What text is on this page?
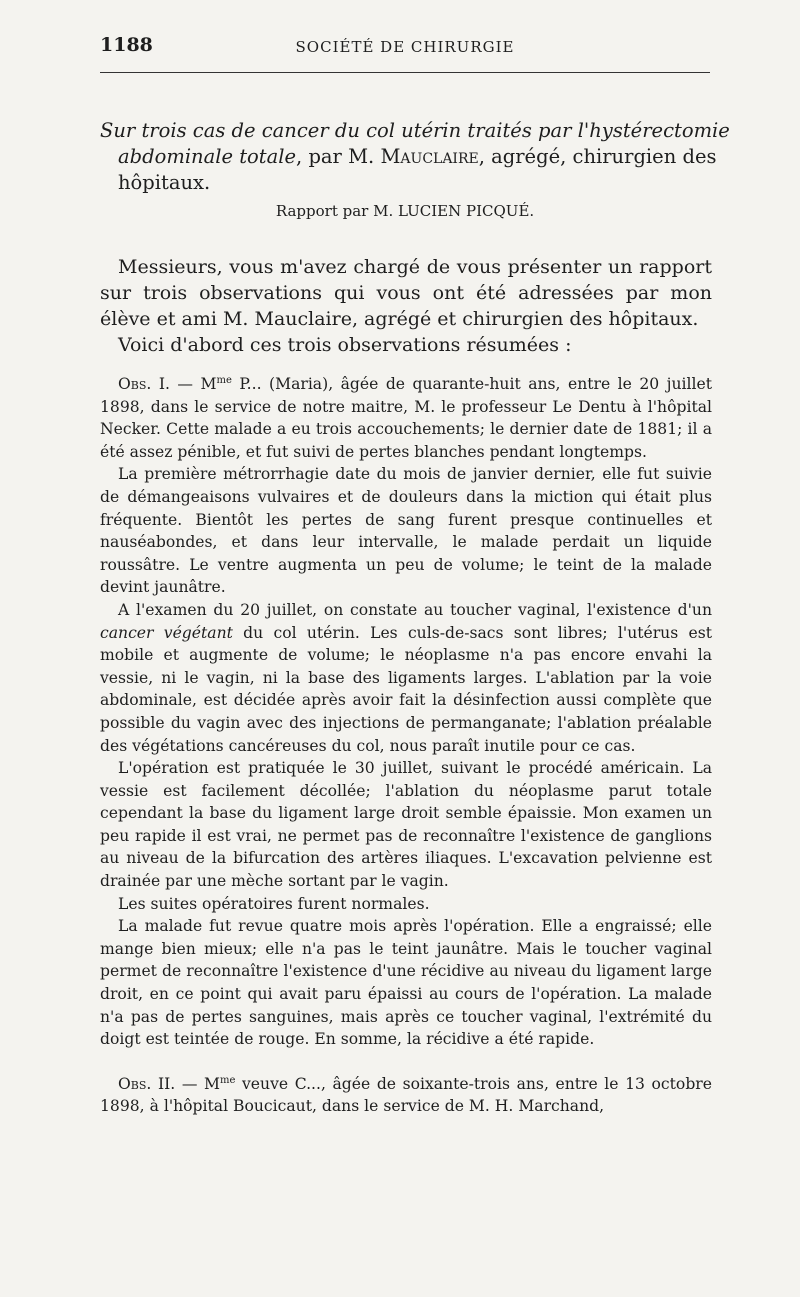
1188	SOCIÉTÉ DE CHIRURGIE
Sur trois cas de cancer du col utérin traités par l'hystérectomie
abdominale totale, par M. Mauclaire, agrégé, chirurgien des
hôpitaux.
Rapport par M. LUCIEN PICQUÉ.

Messieurs, vous m'avez chargé de vous présenter un rapport sur trois observations qui vous ont été adressées par mon élève et ami M. Mauclaire, agrégé et chirurgien des hôpitaux.

Voici d'abord ces trois observations résumées :

Obs. I. — $M^{me}$ P... (Maria), âgée de quarante-huit ans, entre le 20 juillet 1898, dans le service de notre maitre, M. le professeur Le Dentu à l'hôpital Necker. Cette malade a eu trois accouchements; le dernier date de 1881; il a été assez pénible, et fut suivi de pertes blanches pendant longtemps.

La première métrorrhagie date du mois de janvier dernier, elle fut suivie de démangeaisons vulvaires et de douleurs dans la miction qui était plus fréquente. Bientôt les pertes de sang furent presque continuelles et nauséabondes, et dans leur intervalle, le malade perdait un liquide roussâtre. Le ventre augmenta un peu de volume; le teint de la malade devint jaunâtre.

A l'examen du 20 juillet, on constate au toucher vaginal, l'existence d'un cancer végétant du col utérin. Les culs-de-sacs sont libres; l'utérus est mobile et augmente de volume; le néoplasme n'a pas encore envahi la vessie, ni le vagin, ni la base des ligaments larges. L'ablation par la voie abdominale, est décidée après avoir fait la désinfection aussi complète que possible du vagin avec des injections de permanganate; l'ablation préalable des végétations cancéreuses du col, nous paraît inutile pour ce cas.

L'opération est pratiquée le 30 juillet, suivant le procédé américain. La vessie est facilement décollée; l'ablation du néoplasme parut totale cependant la base du ligament large droit semble épaissie. Mon examen un peu rapide il est vrai, ne permet pas de reconnaître l'existence de ganglions au niveau de la bifurcation des artères iliaques. L'excavation pelvienne est drainée par une mèche sortant par le vagin.

Les suites opératoires furent normales.

La malade fut revue quatre mois après l'opération. Elle a engraissé; elle mange bien mieux; elle n'a pas le teint jaunâtre. Mais le toucher vaginal permet de reconnaître l'existence d'une récidive au niveau du ligament large droit, en ce point qui avait paru épaissi au cours de l'opération. La malade n'a pas de pertes sanguines, mais après ce toucher vaginal, l'extrémité du doigt est teintée de rouge. En somme, la récidive a été rapide.

Obs. II. — $M^{me}$ veuve C..., âgée de soixante-trois ans, entre le 13 octobre 1898, à l'hôpital Boucicaut, dans le service de M. H. Marchand,
